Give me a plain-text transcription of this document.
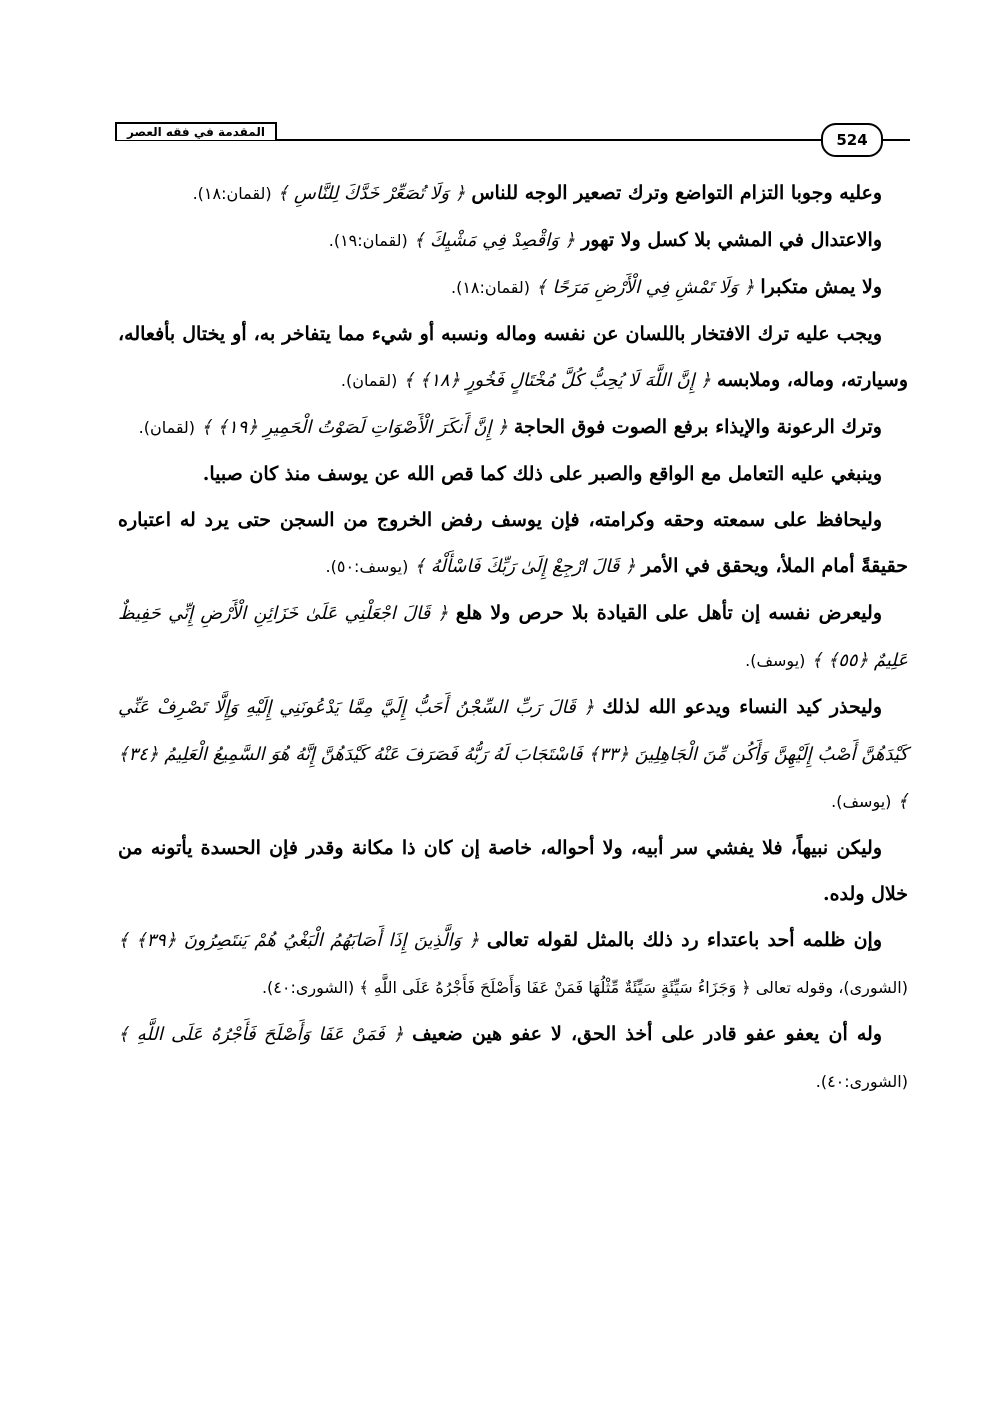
المقدمة في فقه العصر	524

وعليه وجوبا التزام التواضع وترك تصعير الوجه للناس ﴿ وَلَا تُصَعِّرْ خَدَّكَ لِلنَّاسِ ﴾ (لقمان:١٨).

والاعتدال في المشي بلا كسل ولا تهور ﴿ وَاقْصِدْ فِي مَشْيِكَ ﴾ (لقمان:١٩).

ولا يمش متكبرا ﴿ وَلَا تَمْشِ فِي الْأَرْضِ مَرَحًا ﴾ (لقمان:١٨).

ويجب عليه ترك الافتخار باللسان عن نفسه وماله ونسبه أو شيء مما يتفاخر به، أو يختال بأفعاله، وسيارته، وماله، وملابسه ﴿ إِنَّ اللَّهَ لَا يُحِبُّ كُلَّ مُخْتَالٍ فَخُورٍ ﴿١٨﴾ ﴾ (لقمان).

وترك الرعونة والإيذاء برفع الصوت فوق الحاجة ﴿ إِنَّ أَنكَرَ الْأَصْوَاتِ لَصَوْتُ الْحَمِيرِ ﴿١٩﴾ ﴾ (لقمان).

وينبغي عليه التعامل مع الواقع والصبر على ذلك كما قص الله عن يوسف منذ كان صبيا.

وليحافظ على سمعته وحقه وكرامته، فإن يوسف رفض الخروج من السجن حتى يرد له اعتباره حقيقةً أمام الملأ، ويحقق في الأمر ﴿ قَالَ ارْجِعْ إِلَىٰ رَبِّكَ فَاسْأَلْهُ ﴾ (يوسف:٥٠).

وليعرض نفسه إن تأهل على القيادة بلا حرص ولا هلع ﴿ قَالَ اجْعَلْنِي عَلَىٰ خَزَائِنِ الْأَرْضِ إِنِّي حَفِيظٌ عَلِيمٌ ﴿٥٥﴾ ﴾ (يوسف).

وليحذر كيد النساء ويدعو الله لذلك ﴿ قَالَ رَبِّ السِّجْنُ أَحَبُّ إِلَيَّ مِمَّا يَدْعُونَنِي إِلَيْهِ وَإِلَّا تَصْرِفْ عَنِّي كَيْدَهُنَّ أَصْبُ إِلَيْهِنَّ وَأَكُن مِّنَ الْجَاهِلِينَ ﴿٣٣﴾ فَاسْتَجَابَ لَهُ رَبُّهُ فَصَرَفَ عَنْهُ كَيْدَهُنَّ إِنَّهُ هُوَ السَّمِيعُ الْعَلِيمُ ﴿٣٤﴾ ﴾ (يوسف).

وليكن نبيهاً، فلا يفشي سر أبيه، ولا أحواله، خاصة إن كان ذا مكانة وقدر فإن الحسدة يأتونه من خلال ولده.

وإن ظلمه أحد باعتداء رد ذلك بالمثل لقوله تعالى ﴿ وَالَّذِينَ إِذَا أَصَابَهُمُ الْبَغْيُ هُمْ يَنتَصِرُونَ ﴿٣٩﴾ ﴾ (الشورى)، وقوله تعالى ﴿ وَجَزَاءُ سَيِّئَةٍ سَيِّئَةٌ مِّثْلُهَا فَمَنْ عَفَا وَأَصْلَحَ فَأَجْرُهُ عَلَى اللَّهِ ﴾ (الشورى:٤٠).

وله أن يعفو عفو قادر على أخذ الحق، لا عفو هين ضعيف ﴿ فَمَنْ عَفَا وَأَصْلَحَ فَأَجْرُهُ عَلَى اللَّهِ ﴾ (الشورى:٤٠).
